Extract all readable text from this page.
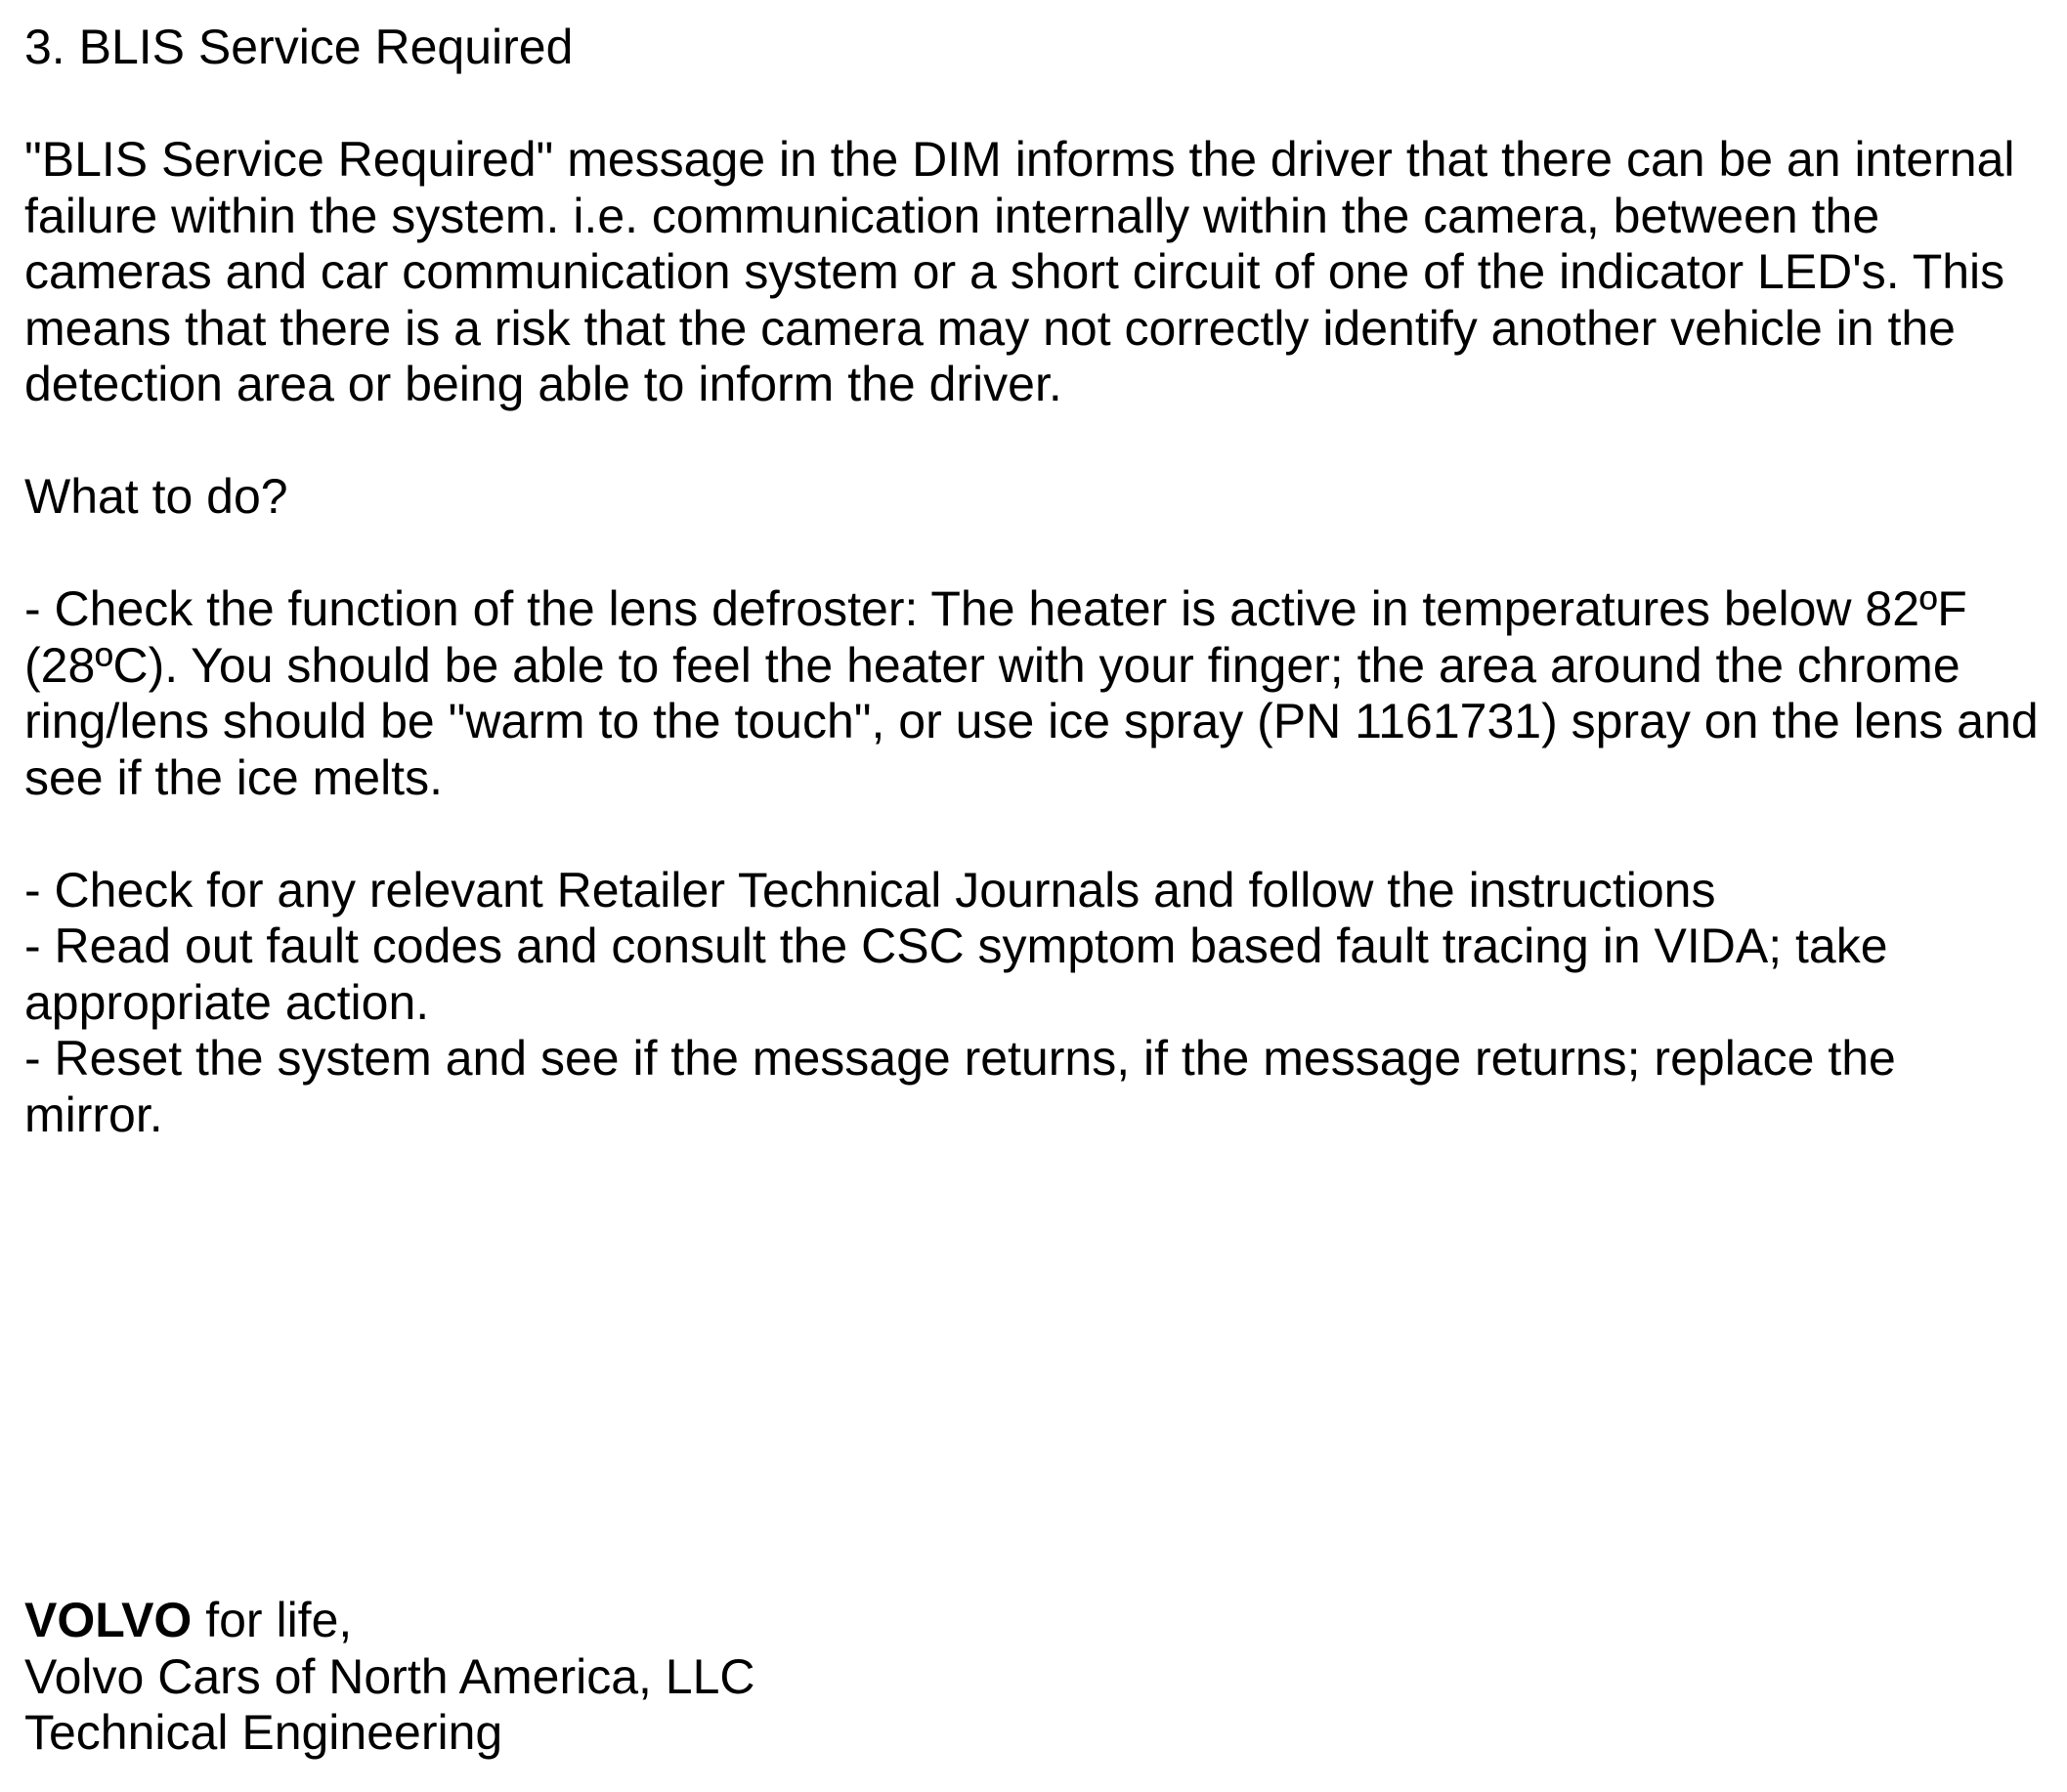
3. BLIS Service Required
"BLIS Service Required" message in the DIM informs the driver that there can be an internal
failure within the system. i.e. communication internally within the camera, between the
cameras and car communication system or a short circuit of one of the indicator LED's. This
means that there is a risk that the camera may not correctly identify another vehicle in the
detection area or being able to inform the driver.
What to do?
- Check the function of the lens defroster: The heater is active in temperatures below 82ºF
(28ºC). You should be able to feel the heater with your finger; the area around the chrome
ring/lens should be "warm to the touch", or use ice spray (PN 1161731) spray on the lens and
see if the ice melts.
- Check for any relevant Retailer Technical Journals and follow the instructions
- Read out fault codes and consult the CSC symptom based fault tracing in VIDA; take
appropriate action.
- Reset the system and see if the message returns, if the message returns; replace the
mirror.
VOLVO for life,
Volvo Cars of North America, LLC
Technical Engineering
